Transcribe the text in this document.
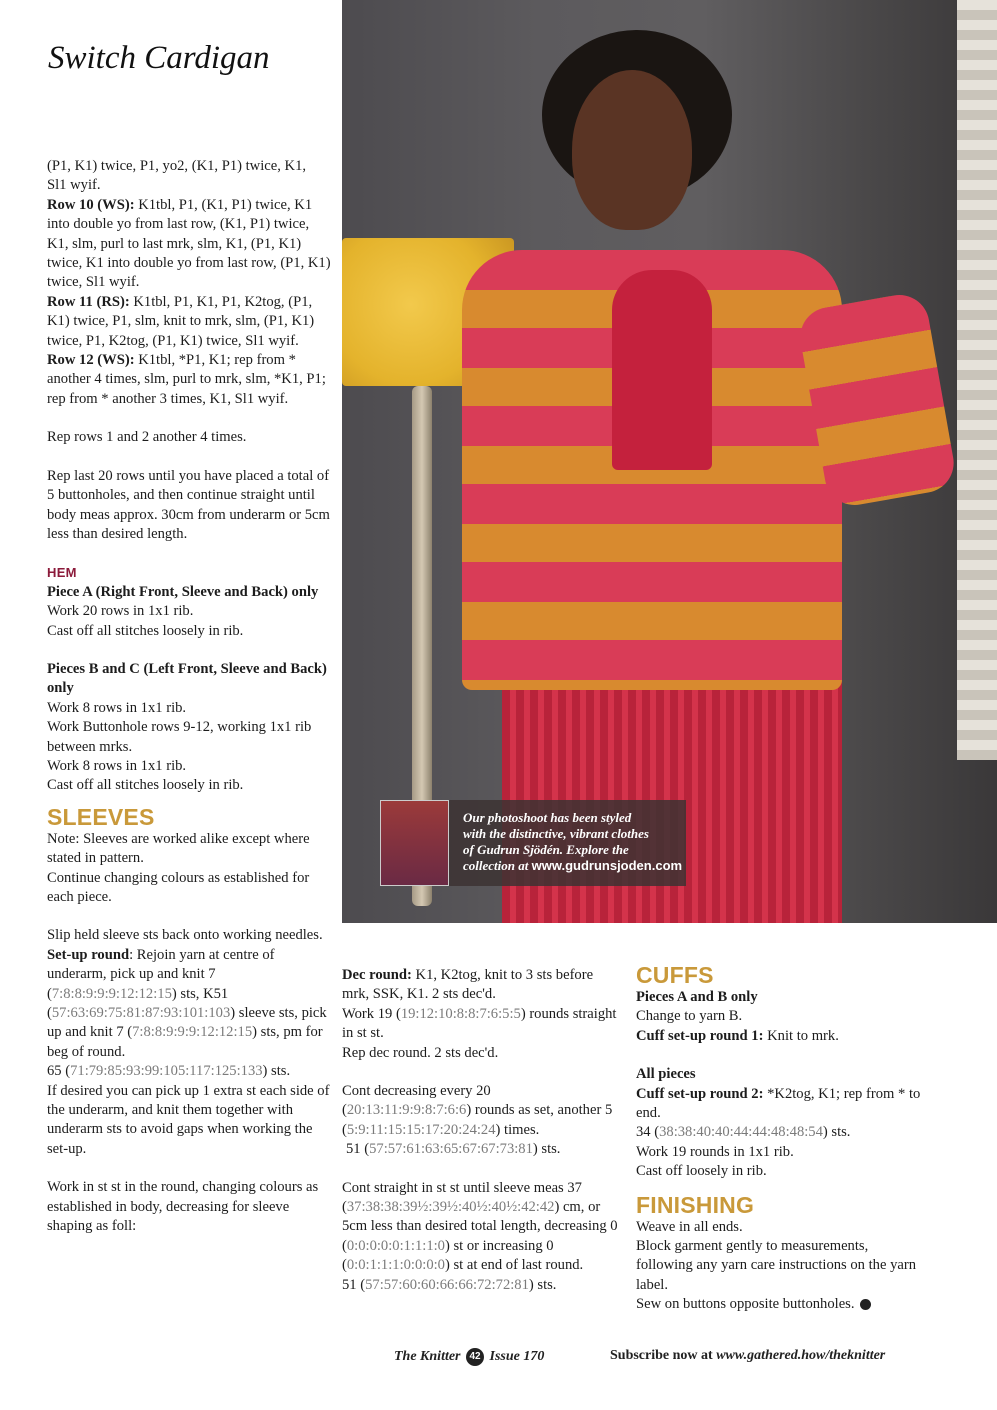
Switch Cardigan

(P1, K1) twice, P1, yo2, (K1, P1) twice, K1,

Sl1 wyif.

Row 10 (WS): K1tbl, P1, (K1, P1) twice, K1 into double yo from last row, (K1, P1) twice, K1, slm, purl to last mrk, slm, K1, (P1, K1) twice, K1 into double yo from last row, (P1, K1) twice, Sl1 wyif.

Row 11 (RS): K1tbl, P1, K1, P1, K2tog, (P1, K1) twice, P1, slm, knit to mrk, slm, (P1, K1) twice, P1, K2tog, (P1, K1) twice, Sl1 wyif.

Row 12 (WS): K1tbl, *P1, K1; rep from * another 4 times, slm, purl to mrk, slm, *K1, P1; rep from * another 3 times, K1, Sl1 wyif.

Rep rows 1 and 2 another 4 times.

Rep last 20 rows until you have placed a total of 5 buttonholes, and then continue straight until body meas approx. 30cm from underarm or 5cm less than desired length.

HEM

Piece A (Right Front, Sleeve and Back) only

Work 20 rows in 1x1 rib.

Cast off all stitches loosely in rib.

Pieces B and C (Left Front, Sleeve and Back) only

Work 8 rows in 1x1 rib.

Work Buttonhole rows 9-12, working 1x1 rib between mrks.

Work 8 rows in 1x1 rib.

Cast off all stitches loosely in rib.

SLEEVES

Note: Sleeves are worked alike except where stated in pattern.

Continue changing colours as established for each piece.

Slip held sleeve sts back onto working needles.

Set-up round: Rejoin yarn at centre of underarm, pick up and knit 7 (7:8:8:9:9:9:12:12:15) sts, K51 (57:63:69:75:81:87:93:101:103) sleeve sts, pick up and knit 7 (7:8:8:9:9:9:12:12:15) sts, pm for beg of round.

65 (71:79:85:93:99:105:117:125:133) sts.

If desired you can pick up 1 extra st each side of the underarm, and knit them together with underarm sts to avoid gaps when working the set-up.

Work in st st in the round, changing colours as established in body, decreasing for sleeve shaping as foll:

Our photoshoot has been styled
with the distinctive, vibrant clothes
of Gudrun Sjödén. Explore the
collection at www.gudrunsjoden.com

Dec round: K1, K2tog, knit to 3 sts before mrk, SSK, K1. 2 sts dec'd.

Work 19 (19:12:10:8:8:7:6:5:5) rounds straight in st st.

Rep dec round. 2 sts dec'd.

Cont decreasing every 20 (20:13:11:9:9:8:7:6:6) rounds as set, another 5 (5:9:11:15:15:17:20:24:24) times.

51 (57:57:61:63:65:67:67:73:81) sts.

Cont straight in st st until sleeve meas 37 (37:38:38:39½:39½:40½:40½:42:42) cm, or 5cm less than desired total length, decreasing 0 (0:0:0:0:0:1:1:1:0) st or increasing 0 (0:0:1:1:1:0:0:0:0) st at end of last round.

51 (57:57:60:60:66:66:72:72:81) sts.

CUFFS

Pieces A and B only

Change to yarn B.

Cuff set-up round 1: Knit to mrk.

All pieces

Cuff set-up round 2: *K2tog, K1; rep from * to end.

34 (38:38:40:40:44:44:48:48:54) sts.

Work 19 rounds in 1x1 rib.

Cast off loosely in rib.

FINISHING

Weave in all ends.

Block garment gently to measurements, following any yarn care instructions on the yarn label.

Sew on buttons opposite buttonholes.

The Knitter 42 Issue 170	Subscribe now at www.gathered.how/theknitter
